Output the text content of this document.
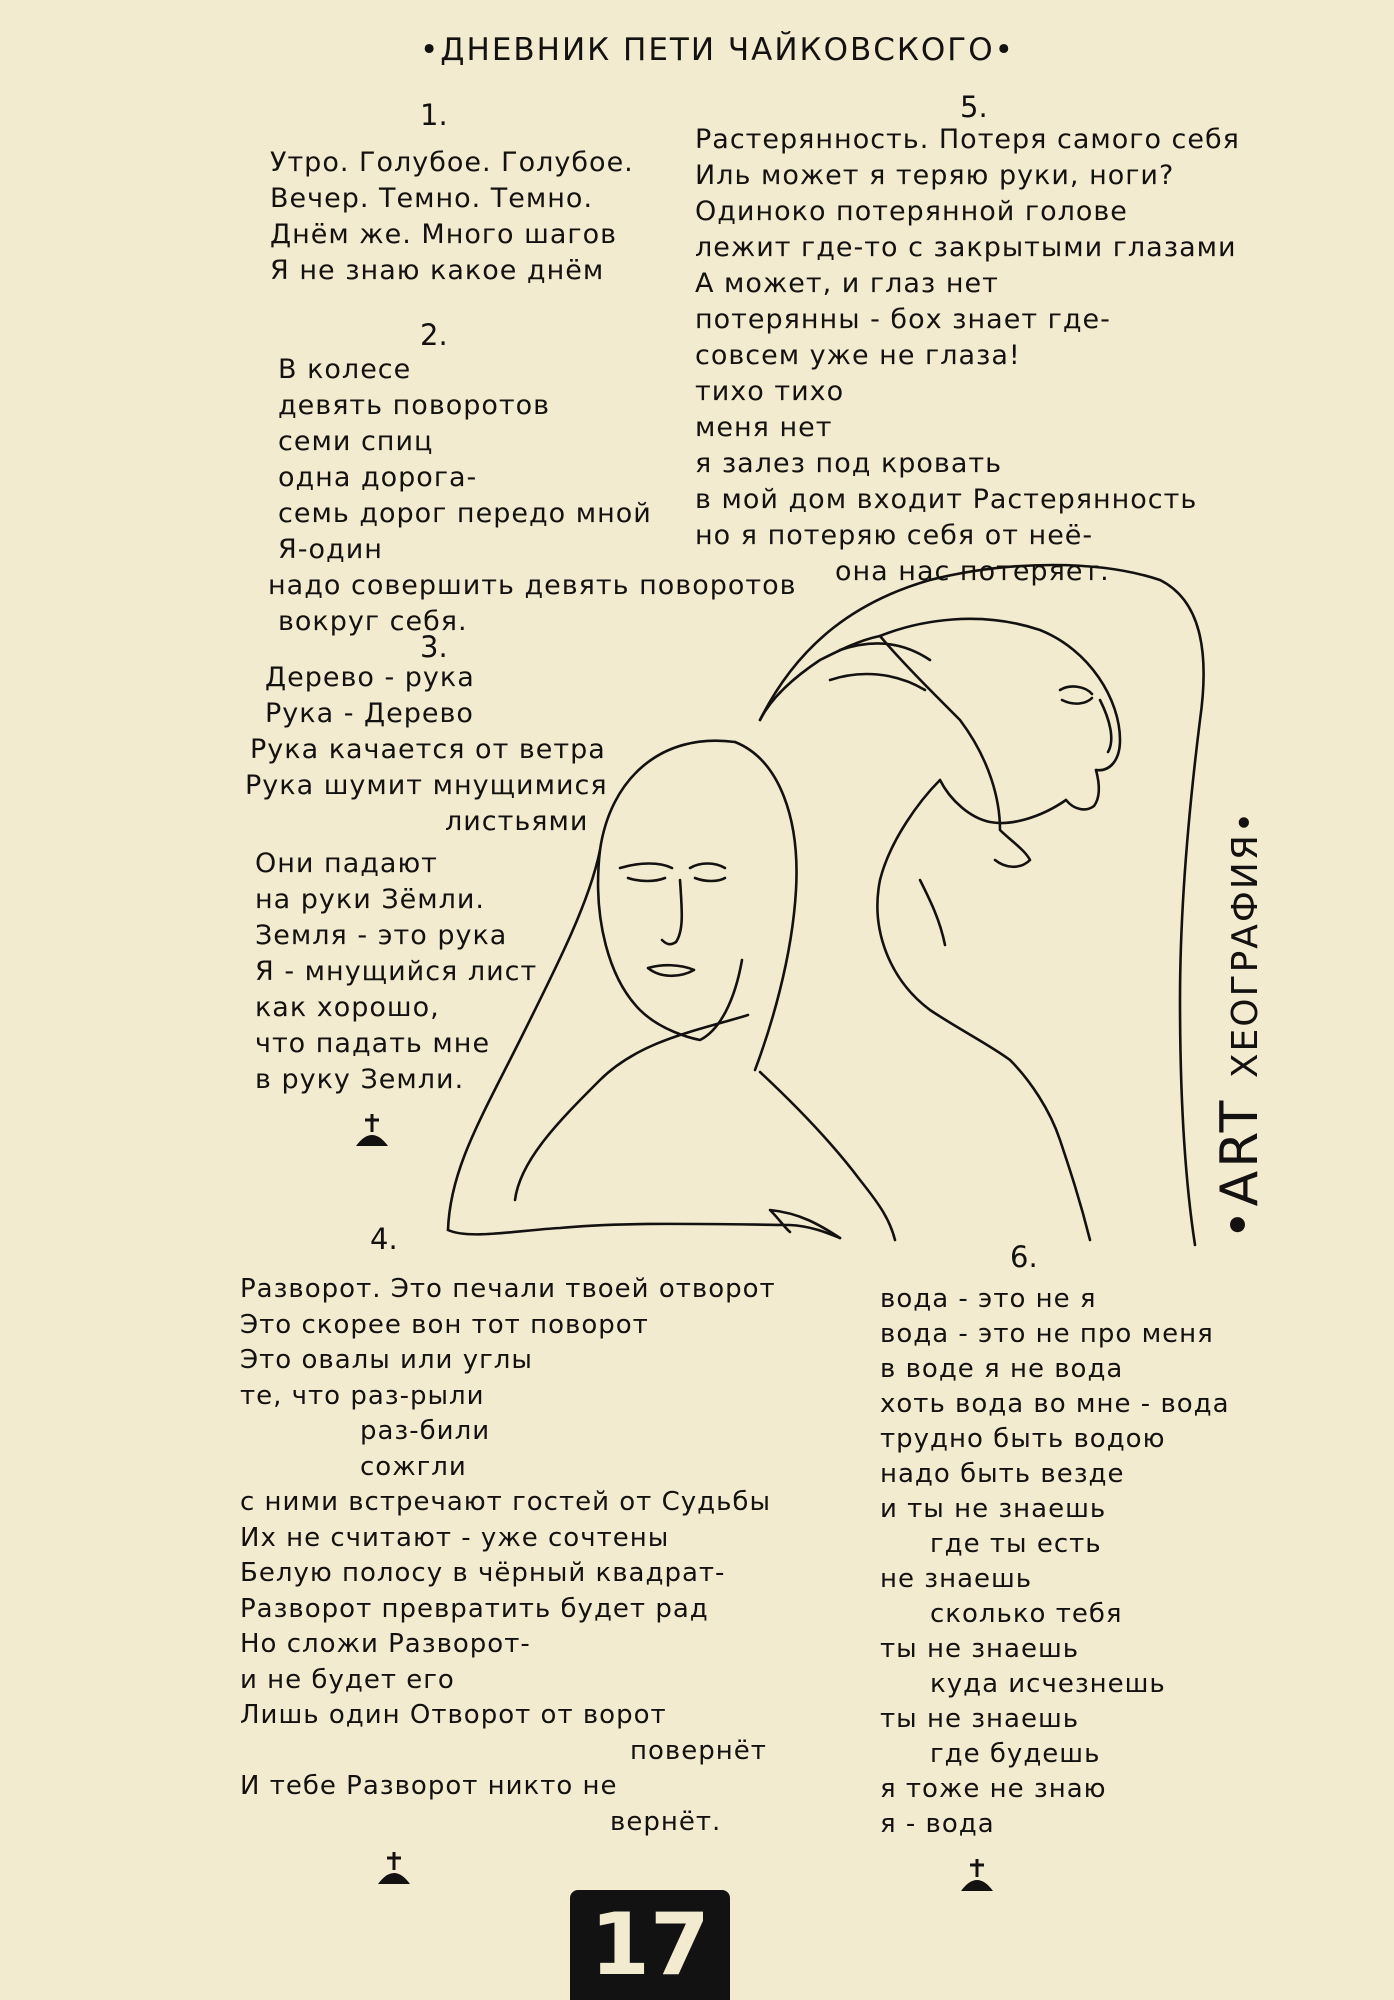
•ДНЕВНИК ПЕТИ ЧАЙКОВСКОГО•
1.
Утро. Голубое. Голубое.
Вечер. Темно. Темно.
Днём же. Много шагов
Я не знаю какое днём
2.
В колесе
девять поворотов
семи спиц
одна дорога-
семь дорог передо мной
Я-один
надо совершить девять поворотов
вокруг себя.
3.
Дерево - рука
Рука - Дерево
Рука качается от ветра
Рука шумит мнущимися
листьями
Они падают
на руки Зёмли.
Земля - это рука
Я - мнущийся лист
как хорошо,
что падать мне
в руку Земли.
5.
Растерянность. Потеря самого себя
Иль может я теряю руки, ноги?
Одиноко потерянной голове
лежит где-то с закрытыми глазами
А может, и глаз нет
потерянны - бох знает где-
совсем уже не глаза!
тихо тихо
меня нет
я залез под кровать
в мой дом входит Растерянность
но я потеряю себя от неё-
она нас потеряет.
•ART ХЕОГРАФИЯ•
4.
Разворот. Это печали твоей отворот
Это скорее вон тот поворот
Это овалы или углы
те, что раз-рыли
раз-били
сожгли
с ними встречают гостей от Судьбы
Их не считают - уже сочтены
Белую полосу в чёрный квадрат-
Разворот превратить будет рад
Но сложи Разворот-
и не будет его
Лишь один Отворот от ворот
повернёт
И тебе Разворот никто не
вернёт.
6.
вода - это не я
вода - это не про меня
в воде я не вода
хоть вода во мне - вода
трудно быть водою
надо быть везде
и ты не знаешь
где ты есть
не знаешь
сколько тебя
ты не знаешь
куда исчезнешь
ты не знаешь
где будешь
я тоже не знаю
я - вода
17
